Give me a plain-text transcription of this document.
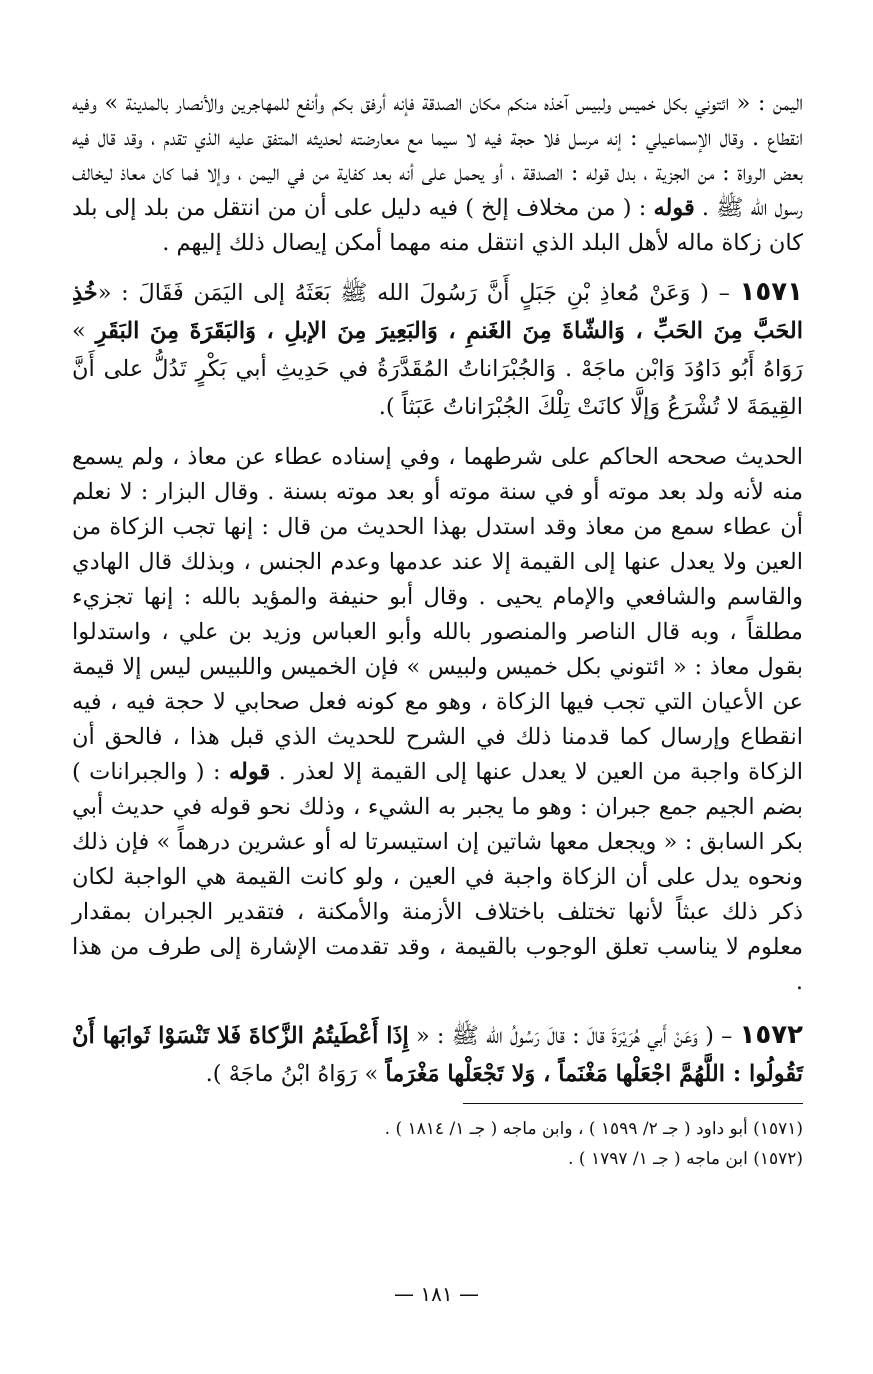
اليمن : « ائتوني بكل خميس ولبيس آخذه منكم مكان الصدقة فإنه أرفق بكم وأنفع للمهاجرين والأنصار بالمدينة » وفيه انقطاع . وقال الإسماعيلي : إنه مرسل فلا حجة فيه لا سيما مع معارضته لحديثه المتفق عليه الذي تقدم ، وقد قال فيه بعض الرواة : من الجزية ، بدل قوله : الصدقة ، أو يحمل على أنه بعد كفاية من في اليمن ، وإلا فما كان معاذ ليخالف رسول الله ﷺ . قوله : ( من مخلاف إلخ ) فيه دليل على أن من انتقل من بلد إلى بلد كان زكاة ماله لأهل البلد الذي انتقل منه مهما أمكن إيصال ذلك إليهم .

١٥٧١ – ( وَعَنْ مُعاذِ بْنِ جَبَلٍ أَنَّ رَسُولَ الله ﷺ بَعَثَهُ إلى اليَمَن فَقَالَ : «خُذِ الحَبَّ مِنَ الحَبِّ ، وَالشّاةَ مِنَ الغَنمِ ، وَالبَعِيرَ مِنَ الإبلِ ، وَالبَقَرَةَ مِنَ البَقَرِ » رَوَاهُ أَبُو دَاوُدَ وَابْن ماجَهْ . وَالجُبْرَاناتُ المُقَدَّرَةُ في حَدِيثِ أبي بَكْرٍ تَدُلُّ على أَنَّ القِيمَةَ لا تُشْرَعُ وَإلَّا كانَتْ تِلْكَ الجُبْرَاناتُ عَبَثاً ).

الحديث صححه الحاكم على شرطهما ، وفي إسناده عطاء عن معاذ ، ولم يسمع منه لأنه ولد بعد موته أو في سنة موته أو بعد موته بسنة . وقال البزار : لا نعلم أن عطاء سمع من معاذ وقد استدل بهذا الحديث من قال : إنها تجب الزكاة من العين ولا يعدل عنها إلى القيمة إلا عند عدمها وعدم الجنس ، وبذلك قال الهادي والقاسم والشافعي والإمام يحيى . وقال أبو حنيفة والمؤيد بالله : إنها تجزيء مطلقاً ، وبه قال الناصر والمنصور بالله وأبو العباس وزيد بن علي ، واستدلوا بقول معاذ : « ائتوني بكل خميس ولبيس » فإن الخميس واللبيس ليس إلا قيمة عن الأعيان التي تجب فيها الزكاة ، وهو مع كونه فعل صحابي لا حجة فيه ، فيه انقطاع وإرسال كما قدمنا ذلك في الشرح للحديث الذي قبل هذا ، فالحق أن الزكاة واجبة من العين لا يعدل عنها إلى القيمة إلا لعذر . قوله : ( والجبرانات ) بضم الجيم جمع جبران : وهو ما يجبر به الشيء ، وذلك نحو قوله في حديث أبي بكر السابق : « ويجعل معها شاتين إن استيسرتا له أو عشرين درهماً » فإن ذلك ونحوه يدل على أن الزكاة واجبة في العين ، ولو كانت القيمة هي الواجبة لكان ذكر ذلك عبثاً لأنها تختلف باختلاف الأزمنة والأمكنة ، فتقدير الجبران بمقدار معلوم لا يناسب تعلق الوجوب بالقيمة ، وقد تقدمت الإشارة إلى طرف من هذا .

١٥٧٢ – ( وَعَنْ أَبي هُرَيْرَةَ قالَ : قالَ رَسُولُ الله ﷺ : « إِذَا أَعْطَيتُمُ الزَّكاةَ فَلا تَنْسَوْا ثَوابَها أَنْ تَقُولُوا : اللَّهُمَّ اجْعَلْها مَغْنَماً ، وَلا تَجْعَلْها مَغْرَماً » رَوَاهُ ابْنُ ماجَهْ ).

(١٥٧١) أبو داود ( جـ ٢/ ١٥٩٩ ) ، وابن ماجه ( جـ ١/ ١٨١٤ ) .

(١٥٧٢) ابن ماجه ( جـ ١/ ١٧٩٧ ) .

— ١٨١ —
